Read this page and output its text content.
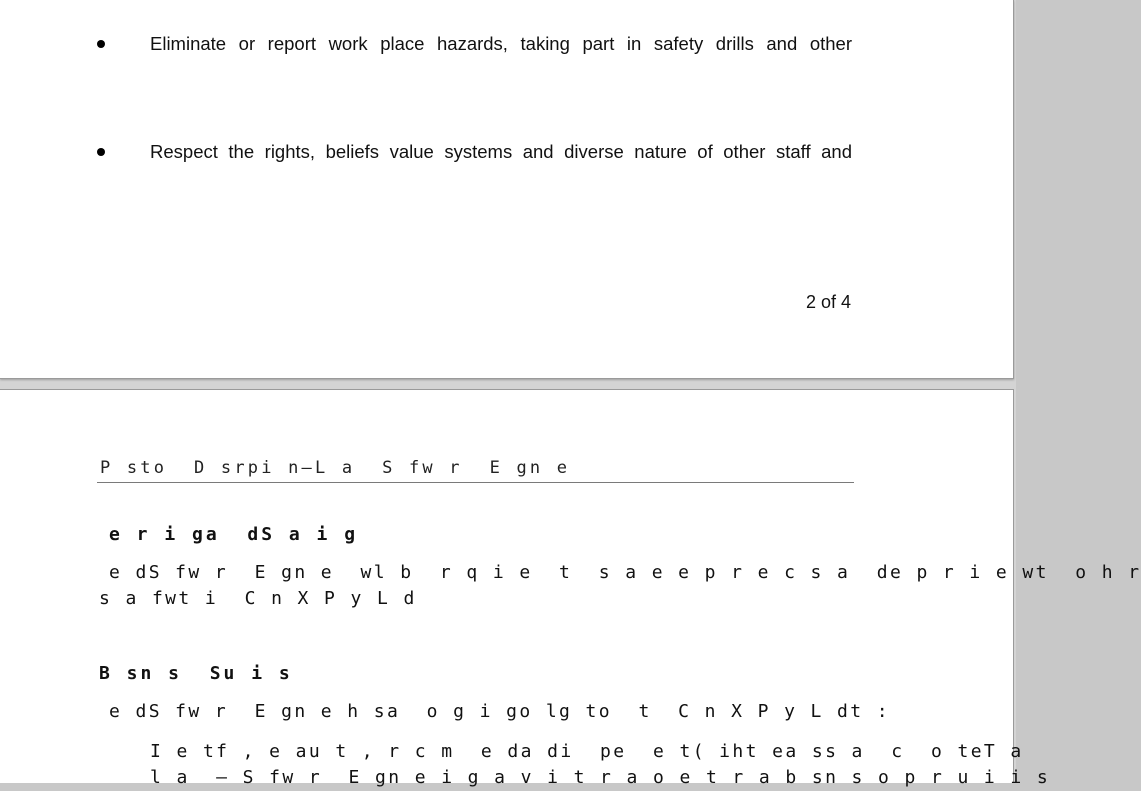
Eliminate or report work place hazards, taking part in safety drills and other
Respect the rights, beliefs value systems and diverse nature of other staff and
2 of 4
P sto  D srpi n–L a  S fw r  E gn e
e r i ga  dS a i g
e dS fw r  E gn e  wl b  r q i e  t  s a e e p r e c s a  de p r i e wt  o h r
s a fwt i  C n X P y L d
B sn s  Su i s
e dS fw r  E gn e h sa  o g i go lg to  t  C n X P y L dt :
I e tf , e au t , r c m  e da di  pe  e t( iht ea ss a  c  o teT a
l a  – S fw r  E gn e i g a v i t r a o e t r a b sn s o p r u i i s
